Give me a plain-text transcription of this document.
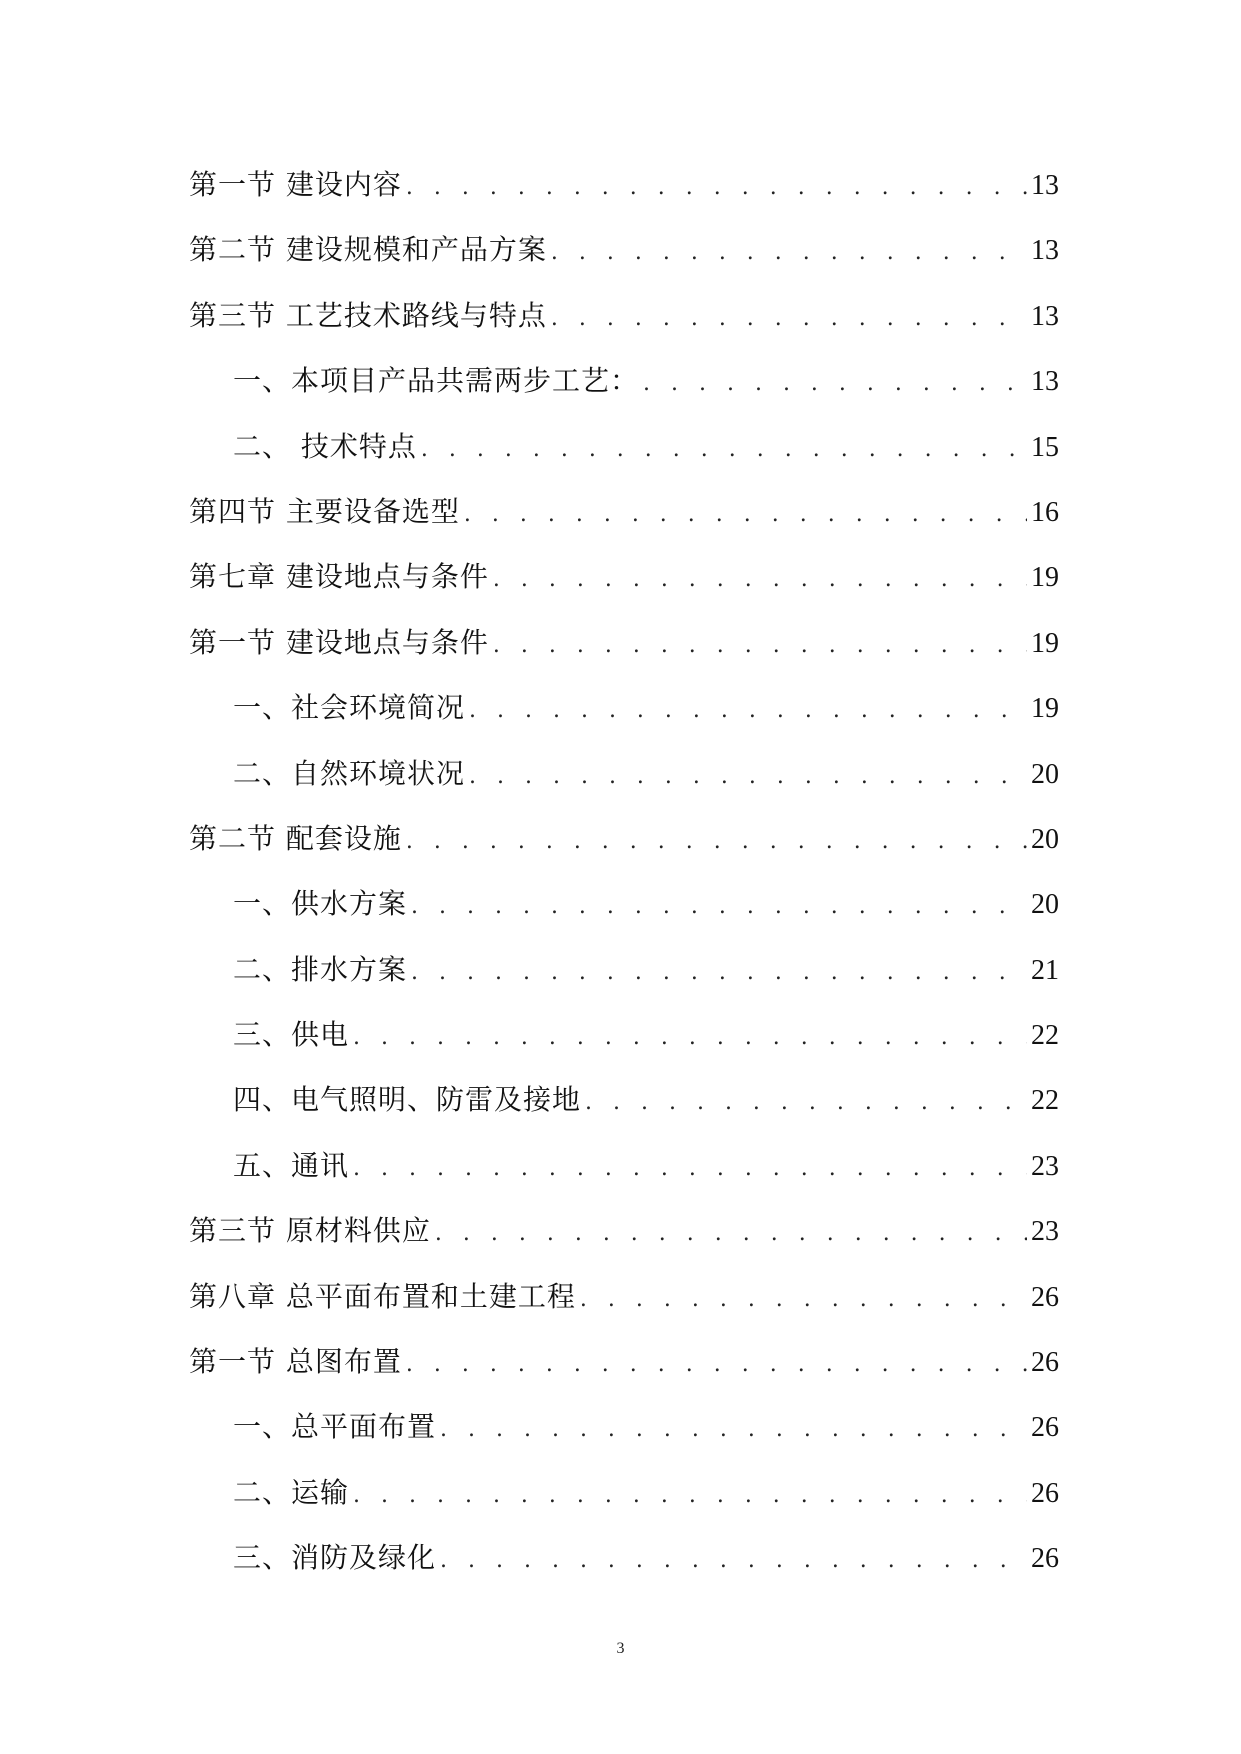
第一节 建设内容 . . .	13
第二节 建设规模和产品方案 . . .	13
第三节 工艺技术路线与特点 . . .	13
一、本项目产品共需两步工艺： . . .	13
二、 技术特点 . . .	15
第四节 主要设备选型 . . .	16
第七章 建设地点与条件 . . .	19
第一节 建设地点与条件 . . .	19
一、社会环境简况 . . .	19
二、自然环境状况 . . .	20
第二节 配套设施 . . .	20
一、供水方案 . . .	20
二、排水方案 . . .	21
三、供电 . . .	22
四、电气照明、防雷及接地 . . .	22
五、通讯 . . .	23
第三节 原材料供应 . . .	23
第八章 总平面布置和土建工程 . . .	26
第一节 总图布置 . . .	26
一、总平面布置 . . .	26
二、运输 . . .	26
三、消防及绿化 . . .	26
3
